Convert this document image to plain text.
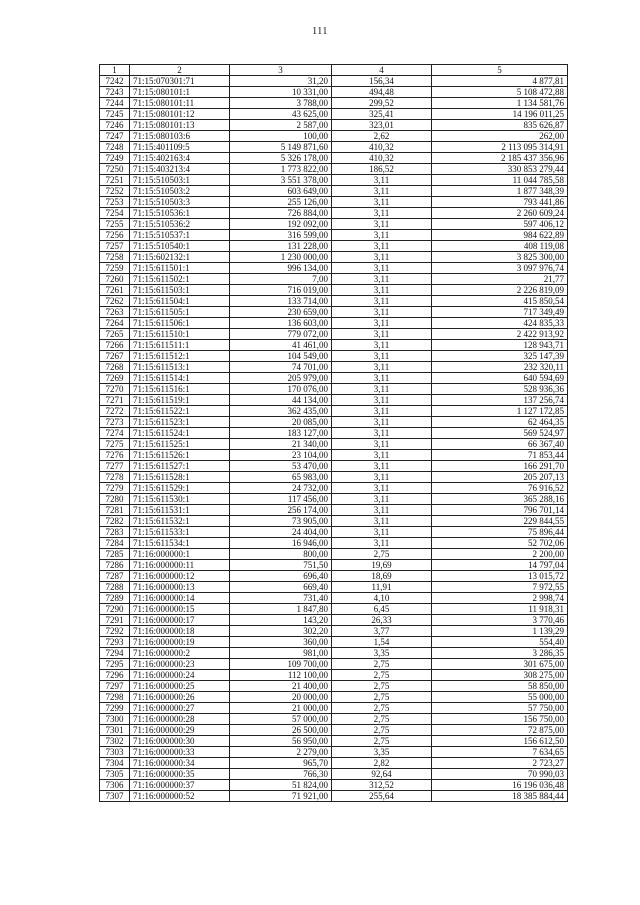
111
1	2	3	4	5
7242	71:15:070301:71	31,20	156,34	4 877,81
7243	71:15:080101:1	10 331,00	494,48	5 108 472,88
7244	71:15:080101:11	3 788,00	299,52	1 134 581,76
7245	71:15:080101:12	43 625,00	325,41	14 196 011,25
7246	71:15:080101:13	2 587,00	323,01	835 626,87
7247	71:15:080103:6	100,00	2,62	262,00
7248	71:15:401109:5	5 149 871,60	410,32	2 113 095 314,91
7249	71:15:402163:4	5 326 178,00	410,32	2 185 437 356,96
7250	71:15:403213:4	1 773 822,00	186,52	330 853 279,44
7251	71:15:510503:1	3 551 378,00	3,11	11 044 785,58
7252	71:15:510503:2	603 649,00	3,11	1 877 348,39
7253	71:15:510503:3	255 126,00	3,11	793 441,86
7254	71:15:510536:1	726 884,00	3,11	2 260 609,24
7255	71:15:510536:2	192 092,00	3,11	597 406,12
7256	71:15:510537:1	316 599,00	3,11	984 622,89
7257	71:15:510540:1	131 228,00	3,11	408 119,08
7258	71:15:602132:1	1 230 000,00	3,11	3 825 300,00
7259	71:15:611501:1	996 134,00	3,11	3 097 976,74
7260	71:15:611502:1	7,00	3,11	21,77
7261	71:15:611503:1	716 019,00	3,11	2 226 819,09
7262	71:15:611504:1	133 714,00	3,11	415 850,54
7263	71:15:611505:1	230 659,00	3,11	717 349,49
7264	71:15:611506:1	136 603,00	3,11	424 835,33
7265	71:15:611510:1	779 072,00	3,11	2 422 913,92
7266	71:15:611511:1	41 461,00	3,11	128 943,71
7267	71:15:611512:1	104 549,00	3,11	325 147,39
7268	71:15:611513:1	74 701,00	3,11	232 320,11
7269	71:15:611514:1	205 979,00	3,11	640 594,69
7270	71:15:611516:1	170 076,00	3,11	528 936,36
7271	71:15:611519:1	44 134,00	3,11	137 256,74
7272	71:15:611522:1	362 435,00	3,11	1 127 172,85
7273	71:15:611523:1	20 085,00	3,11	62 464,35
7274	71:15:611524:1	183 127,00	3,11	569 524,97
7275	71:15:611525:1	21 340,00	3,11	66 367,40
7276	71:15:611526:1	23 104,00	3,11	71 853,44
7277	71:15:611527:1	53 470,00	3,11	166 291,70
7278	71:15:611528:1	65 983,00	3,11	205 207,13
7279	71:15:611529:1	24 732,00	3,11	76 916,52
7280	71:15:611530:1	117 456,00	3,11	365 288,16
7281	71:15:611531:1	256 174,00	3,11	796 701,14
7282	71:15:611532:1	73 905,00	3,11	229 844,55
7283	71:15:611533:1	24 404,00	3,11	75 896,44
7284	71:15:611534:1	16 946,00	3,11	52 702,06
7285	71:16:000000:1	800,00	2,75	2 200,00
7286	71:16:000000:11	751,50	19,69	14 797,04
7287	71:16:000000:12	696,40	18,69	13 015,72
7288	71:16:000000:13	669,40	11,91	7 972,55
7289	71:16:000000:14	731,40	4,10	2 998,74
7290	71:16:000000:15	1 847,80	6,45	11 918,31
7291	71:16:000000:17	143,20	26,33	3 770,46
7292	71:16:000000:18	302,20	3,77	1 139,29
7293	71:16:000000:19	360,00	1,54	554,40
7294	71:16:000000:2	981,00	3,35	3 286,35
7295	71:16:000000:23	109 700,00	2,75	301 675,00
7296	71:16:000000:24	112 100,00	2,75	308 275,00
7297	71:16:000000:25	21 400,00	2,75	58 850,00
7298	71:16:000000:26	20 000,00	2,75	55 000,00
7299	71:16:000000:27	21 000,00	2,75	57 750,00
7300	71:16:000000:28	57 000,00	2,75	156 750,00
7301	71:16:000000:29	26 500,00	2,75	72 875,00
7302	71:16:000000:30	56 950,00	2,75	156 612,50
7303	71:16:000000:33	2 279,00	3,35	7 634,65
7304	71:16:000000:34	965,70	2,82	2 723,27
7305	71:16:000000:35	766,30	92,64	70 990,03
7306	71:16:000000:37	51 824,00	312,52	16 196 036,48
7307	71:16:000000:52	71 921,00	255,64	18 385 884,44
